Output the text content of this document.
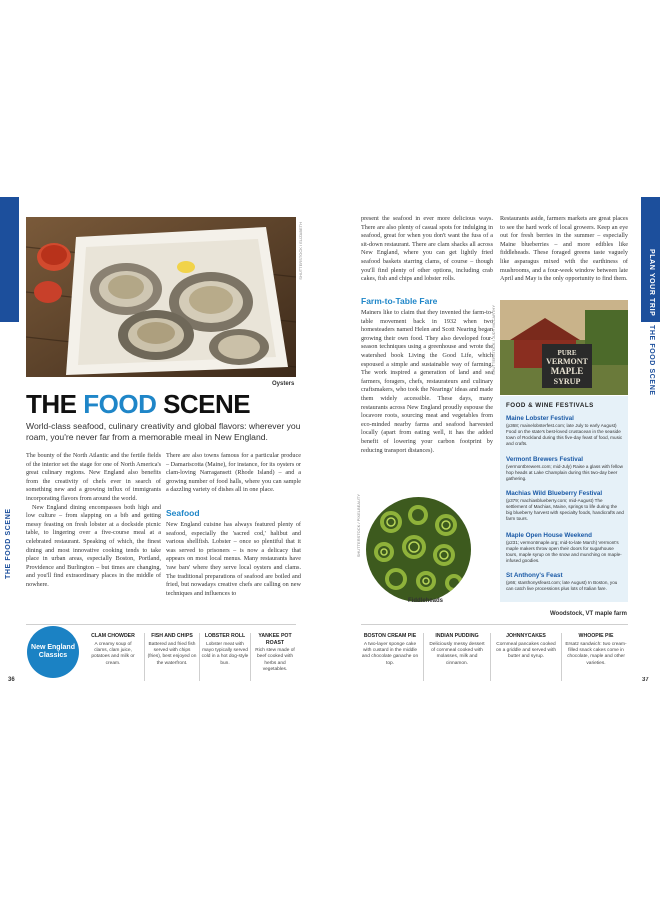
PLAN YOUR TRIP
THE FOOD SCENE
SHUTTERSTOCK / ELIZABETH
Oysters
THE FOOD SCENE
World-class seafood, culinary creativity and global flavors: wherever you roam, you're never far from a memorable meal in New England.

The bounty of the North Atlantic and the fertile fields of the interior set the stage for one of North America's great culinary regions. New England also benefits from the creativity of chefs ever in search of something new and a growing influx of immigrants incorporating flavors from around the world.

New England dining encompasses both high and low culture – from slapping on a bib and getting messy feasting on fresh lobster at a dockside picnic table, to lingering over a five-course meal at a celebrated restaurant. Speaking of which, the finest dining and most innovative cooking tends to take place in urban areas, especially Boston, Portland, Providence and Burlington – but times are changing, and you'll find extraordinary places in the middle of nowhere.

There are also towns famous for a particular produce – Damariscotta (Maine), for instance, for its oysters or clam-loving Narragansett (Rhode Island) – and a growing number of food halls, where you can sample a dazzling variety of dishes all in one place.

Seafood
New England cuisine has always featured plenty of seafood, especially the 'sacred cod,' halibut and various shellfish. Lobster – once so plentiful that it was served to prisoners – is now a delicacy that appears on most local menus. Many restaurants have 'raw bars' where they serve local oysters and clams. The traditional preparations of seafood are boiled and fried, but nowadays creative chefs are calling on new techniques and influences to
New England Classics
CLAM CHOWDER
A creamy soup of clams, clam juice, potatoes and milk or cream.
FISH AND CHIPS
Battered and fried fish served with chips (fries), best enjoyed on the waterfront.
LOBSTER ROLL
Lobster meat with mayo typically served cold in a hot dog-style bun.
YANKEE POT ROAST
Rich stew made of beef cooked with herbs and vegetables.
36
present the seafood in ever more delicious ways. There are also plenty of casual spots for indulging in seafood, great for when you don't want the fuss of a sit-down restaurant. There are clam shacks all across New England, where you can get lightly fried seafood baskets starring clams, of course – though you'll find plenty of other options, including crab cakes, fish and chips and lobster rolls.
Farm-to-Table Fare
Mainers like to claim that they invented the farm-to-table movement back in 1932 when two homesteaders named Helen and Scott Nearing began growing their own food. They also developed four-season techniques using a greenhouse and wrote the watershed book Living the Good Life, which espoused a simple and sustainable way of farming. The work inspired a generation of land and sea farmers, foragers, chefs, restaurateurs and culinary craftsmakers, who took the Nearings' ideas and made them widely accessible. These days, many restaurants across New England proudly espouse the locavore roots, sourcing meat and vegetables from eco-minded nearby farms and seafood harvested locally (apart from eating well, it has the added benefit of lowering your carbon footprint by reducing transport distances).
SHUTTERSTOCK / PIXELBEAUTY
Fiddleheads
Restaurants aside, farmers markets are great places to see the hard work of local growers. Keep an eye out for fresh berries in the summer – especially Maine blueberries – and more edibles like fiddleheads. These foraged greens taste vaguely like asparagus mixed with the earthiness of mushrooms, and a four-week window between late April and May is the only opportunity to find them.
PURE
VERMONT
MAPLE
SYRUP
SHUTTERSTOCK / JUDY MCCARTHY
FOOD & WINE FESTIVALS
Maine Lobster Festival
(p368; mainelobsterfest.com; late July to early August) Food on the state's best-loved crustacean in the seaside town of Rockland during this five-day feast of food, music and crafts.
Vermont Brewers Festival
(vermontbrewers.com; mid-July) Raise a glass with fellow hop heads at Lake Champlain during this two-day beer gathering.
Machias Wild Blueberry Festival
(p379; machiasblueberry.com; mid-August) The settlement of Machias, Maine, springs to life during the big blueberry harvest with specialty foods, handicrafts and farm tours.
Maple Open House Weekend
(p231; vermontmaple.org; mid-to-late March) Vermont's maple makers throw open their doors for sugarhouse tours, maple syrup on the snow and munching on maple-infused goodies.
St Anthony's Feast
(p66; stanthonysfeast.com; late August) In Boston, you can catch live processions plus lots of Italian fare.
Woodstock, VT maple farm
BOSTON CREAM PIE
A two-layer sponge cake with custard in the middle and chocolate ganache on top.
INDIAN PUDDING
Deliciously messy dessert of cornmeal cooked with molasses, milk and cinnamon.
JOHNNYCAKES
Cornmeal pancakes cooked on a griddle and served with butter and syrup.
WHOOPIE PIE
Ersatz sandwich: two cream-filled snack cakes come in chocolate, maple and other varieties.
37
PLAN YOUR TRIP
THE FOOD SCENE
